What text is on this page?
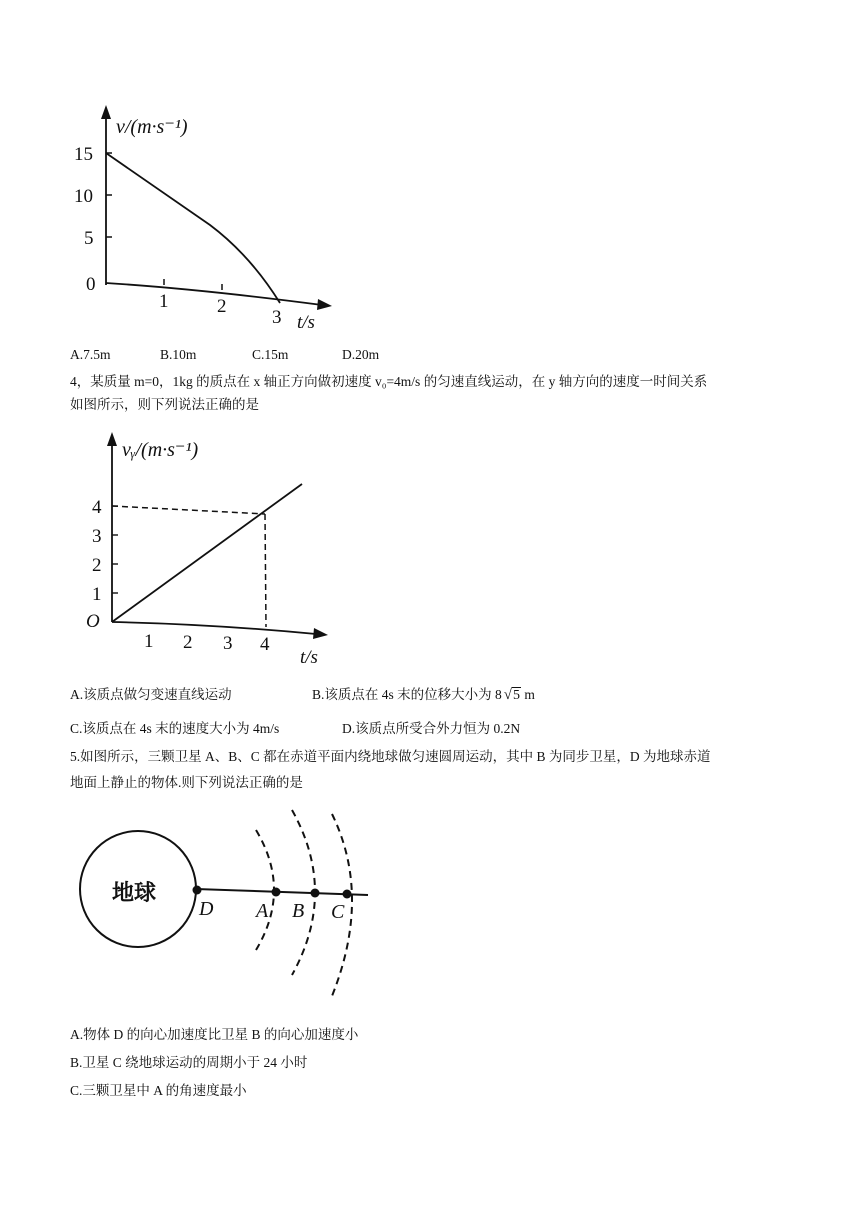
v/(m·s⁻¹)
15
10
5
0
1	2
3 t/s
A.7.5m	B.10m	C.15m	D.20m
4，某质量 m=0，1kg 的质点在 x 轴正方向做初速度 v₀=4m/s 的匀速直线运动，在 y 轴方向的速度一时间关系
如图所示，则下列说法正确的是
vᵧ/(m·s⁻¹)
4
3
2
1
O
1 2 3 4
t/s
A.该质点做匀变速直线运动	B.该质点在 4s 末的位移大小为 8 √5 m
C.该质点在 4s 末的速度大小为 4m/s	D.该质点所受合外力恒为 0.2N
5.如图所示，三颗卫星 A、B、C 都在赤道平面内绕地球做匀速圆周运动，其中 B 为同步卫星，D 为地球赤道
地面上静止的物体.则下列说法正确的是
地球
D A B C
A.物体 D 的向心加速度比卫星 B 的向心加速度小
B.卫星 C 绕地球运动的周期小于 24 小时
C.三颗卫星中 A 的角速度最小
